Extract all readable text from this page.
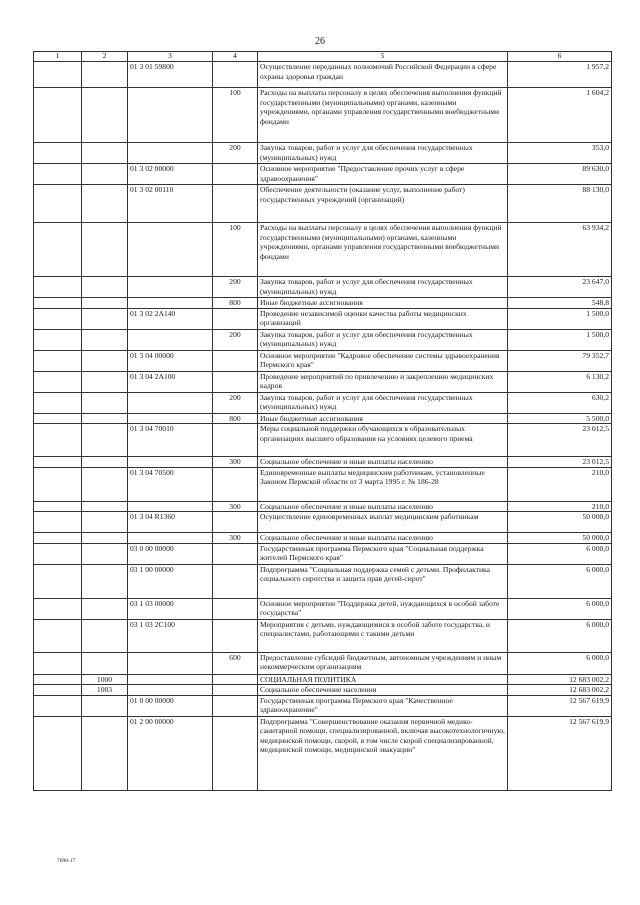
26
1	2	3	4	5	6
		01 3 01 59800		Осуществление переданных полномочий Российской Федерации в сфере охраны здоровья граждан	1 957,2
			100	Расходы на выплаты персоналу в целях обеспечения выполнения функций государственными (муниципальными) органами, казенными учреждениями, органами управления государственными внебюджетными фондами	1 604,2
			200	Закупка товаров, работ и услуг для обеспечения государственных (муниципальных) нужд	353,0
		01 3 02 00000		Основное мероприятие "Предоставление прочих услуг в сфере здравоохранения"	89 630,0
		01 3 02 00110		Обеспечение деятельности (оказание услуг, выполнение работ) государственных учреждений (организаций)	88 130,0
			100	Расходы на выплаты персоналу в целях обеспечения выполнения функций государственными (муниципальными) органами, казенными учреждениями, органами управления государственными внебюджетными фондами	63 934,2
			200	Закупка товаров, работ и услуг для обеспечения государственных (муниципальных) нужд	23 647,0
			800	Иные бюджетные ассигнования	548,8
		01 3 02 2А140		Проведение независимой оценки качества работы медицинских организаций	1 500,0
			200	Закупка товаров, работ и услуг для обеспечения государственных (муниципальных) нужд	1 500,0
		01 3 04 00000		Основное мероприятие "Кадровое обеспечение системы здравоохранения Пермского края"	79 352,7
		01 3 04 2А100		Проведение мероприятий по привлечению и закреплению медицинских кадров	6 130,2
			200	Закупка товаров, работ и услуг для обеспечения государственных (муниципальных) нужд	630,2
			800	Иные бюджетные ассигнования	5 500,0
		01 3 04 70010		Меры социальной поддержки обучающихся в образовательных организациях высшего образования на условиях целевого приема	23 012,5
			300	Социальное обеспечение и иные выплаты населению	23 012,5
		01 3 04 70500		Единовременные выплаты медицинским работникам, установленные Законом Пермской области от 3 марта 1995 г. № 186-28	210,0
			300	Социальное обеспечение и иные выплаты населению	210,0
		01 3 04 R1360		Осуществление единовременных выплат медицинским работникам	50 000,0
			300	Социальное обеспечение и иные выплаты населению	50 000,0
		03 0 00 00000		Государственная программа Пермского края "Социальная поддержка жителей Пермского края"	6 000,0
		03 1 00 00000		Подпрограмма "Социальная поддержка семей с детьми. Профилактика социального сиротства и защита прав детей-сирот"	6 000,0
		03 1 03 00000		Основное мероприятие "Поддержка детей, нуждающихся в особой заботе государства"	6 000,0
		03 1 03 2С100		Мероприятия с детьми, нуждающимися в особой заботе государства, и специалистами, работающими с такими детьми	6 000,0
			600	Предоставление субсидий бюджетным, автономным учреждениям и иным некоммерческим организациям	6 000,0
	1000			СОЦИАЛЬНАЯ ПОЛИТИКА	12 683 002,2
	1003			Социальное обеспечение населения	12 683 002,2
		01 0 00 00000		Государственная программа Пермского края "Качественное здравоохранение"	12 567 619,9
		01 2 00 00000		Подпрограмма "Совершенствование оказания первичной медико-санитарной помощи, специализированной, включая высокотехнологичную, медицинской помощи, скорой, в том числе скорой специализированной, медицинской помощи, медицинской эвакуации"	12 567 619,9
7698-17
